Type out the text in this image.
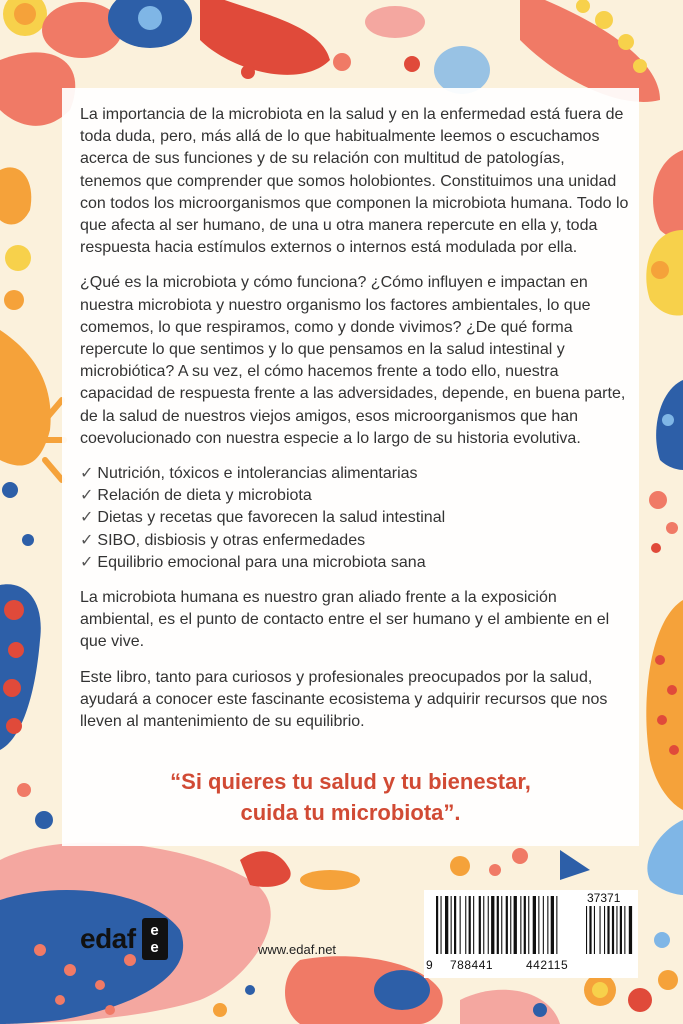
La importancia de la microbiota en la salud y en la enfermedad está fuera de toda duda, pero, más allá de lo que habitualmente leemos o escuchamos acerca de sus funciones y de su relación con multitud de patologías, tenemos que comprender que somos holobiontes. Constituimos una unidad con todos los microorganismos que componen la microbiota humana. Todo lo que afecta al ser humano, de una u otra manera repercute en ella y, toda respuesta hacia estímulos externos o internos está modulada por ella.

¿Qué es la microbiota y cómo funciona? ¿Cómo influyen e impactan en nuestra microbiota y nuestro organismo los factores ambientales, lo que comemos, lo que respiramos, como y donde vivimos? ¿De qué forma repercute lo que sentimos y lo que pensamos en la salud intestinal y microbiótica? A su vez, el cómo hacemos frente a todo ello, nuestra capacidad de respuesta frente a las adversidades, depende, en buena parte, de la salud de nuestros viejos amigos, esos microorganismos que han coevolucionado con nuestra especie a lo largo de su historia evolutiva.

✓ Nutrición, tóxicos e intolerancias alimentarias
✓ Relación de dieta y microbiota
✓ Dietas y recetas que favorecen la salud intestinal
✓ SIBO, disbiosis y otras enfermedades
✓ Equilibrio emocional para una microbiota sana

La microbiota humana es nuestro gran aliado frente a la exposición ambiental, es el punto de contacto entre el ser humano y el ambiente en el que vive.

Este libro, tanto para curiosos y profesionales preocupados por la salud, ayudará a conocer este fascinante ecosistema y adquirir recursos que nos lleven al mantenimiento de su equilibrio.

“Si quieres tu salud y tu bienestar,
cuida tu microbiota”.
edaf e
e	www.edaf.net
37371
9 788441	442115
